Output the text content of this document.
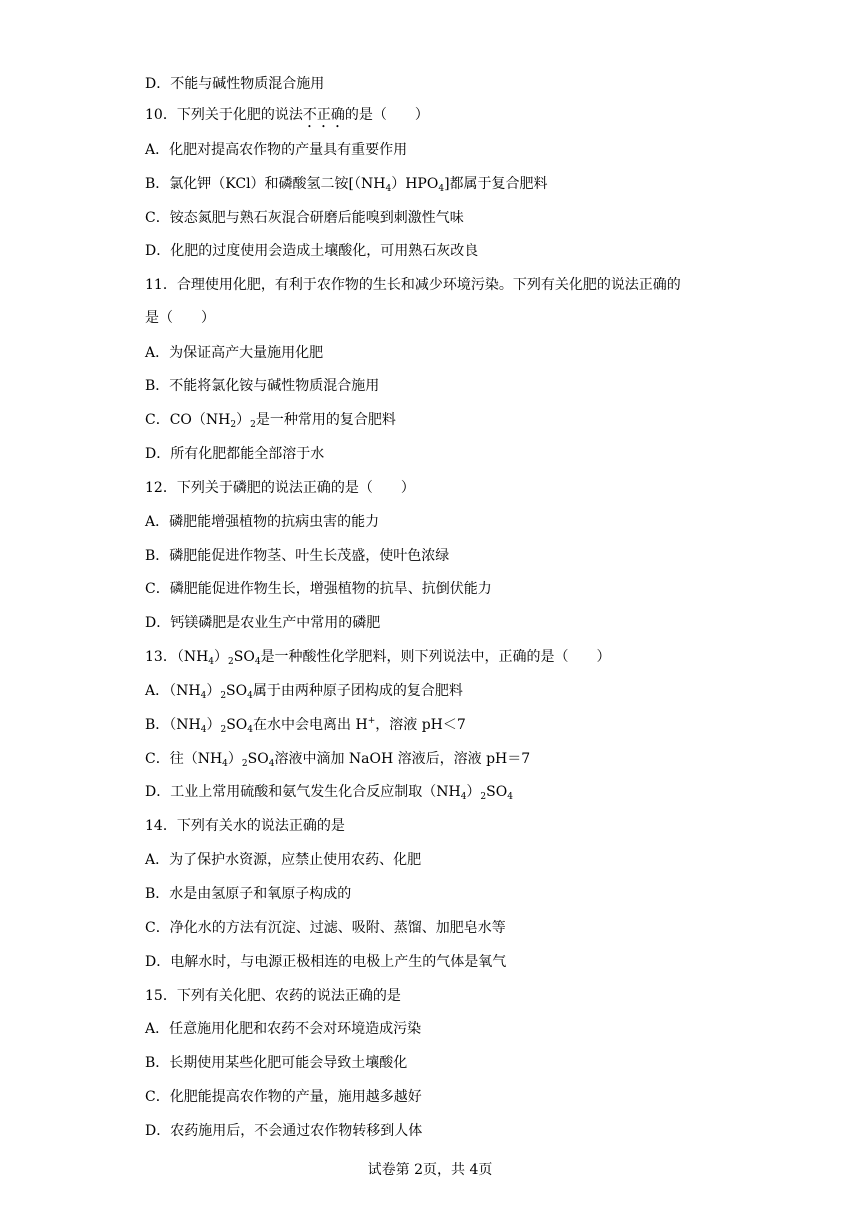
D．不能与碱性物质混合施用
10．下列关于化肥的说法不正确的是（　　）
A．化肥对提高农作物的产量具有重要作用
B．氯化钾（KCl）和磷酸氢二铵$[(NH_4)HPO_4]$都属于复合肥料
C．铵态氮肥与熟石灰混合研磨后能嗅到刺激性气味
D．化肥的过度使用会造成土壤酸化，可用熟石灰改良
11．合理使用化肥，有利于农作物的生长和减少环境污染。下列有关化肥的说法正确的
是（　　）
A．为保证高产大量施用化肥
B．不能将氯化铵与碱性物质混合施用
C．$CO(NH_2)_2$是一种常用的复合肥料
D．所有化肥都能全部溶于水
12．下列关于磷肥的说法正确的是（　　）
A．磷肥能增强植物的抗病虫害的能力
B．磷肥能促进作物茎、叶生长茂盛，使叶色浓绿
C．磷肥能促进作物生长，增强植物的抗旱、抗倒伏能力
D．钙镁磷肥是农业生产中常用的磷肥
13．$(NH_4)_2SO_4$是一种酸性化学肥料，则下列说法中，正确的是（　　）
A．$(NH_4)_2SO_4$属于由两种原子团构成的复合肥料
B．$(NH_4)_2SO_4$在水中会电离出 H+，溶液 pH＜7
C．往$(NH_4)_2SO_4$溶液中滴加 NaOH 溶液后，溶液 pH＝7
D．工业上常用硫酸和氨气发生化合反应制取$(NH_4)_2SO_4$
14．下列有关水的说法正确的是
A．为了保护水资源，应禁止使用农药、化肥
B．水是由氢原子和氧原子构成的
C．净化水的方法有沉淀、过滤、吸附、蒸馏、加肥皂水等
D．电解水时，与电源正极相连的电极上产生的气体是氧气
15．下列有关化肥、农药的说法正确的是
A．任意施用化肥和农药不会对环境造成污染
B．长期使用某些化肥可能会导致土壤酸化
C．化肥能提高农作物的产量，施用越多越好
D．农药施用后，不会通过农作物转移到人体
试卷第 2页，共 4页
